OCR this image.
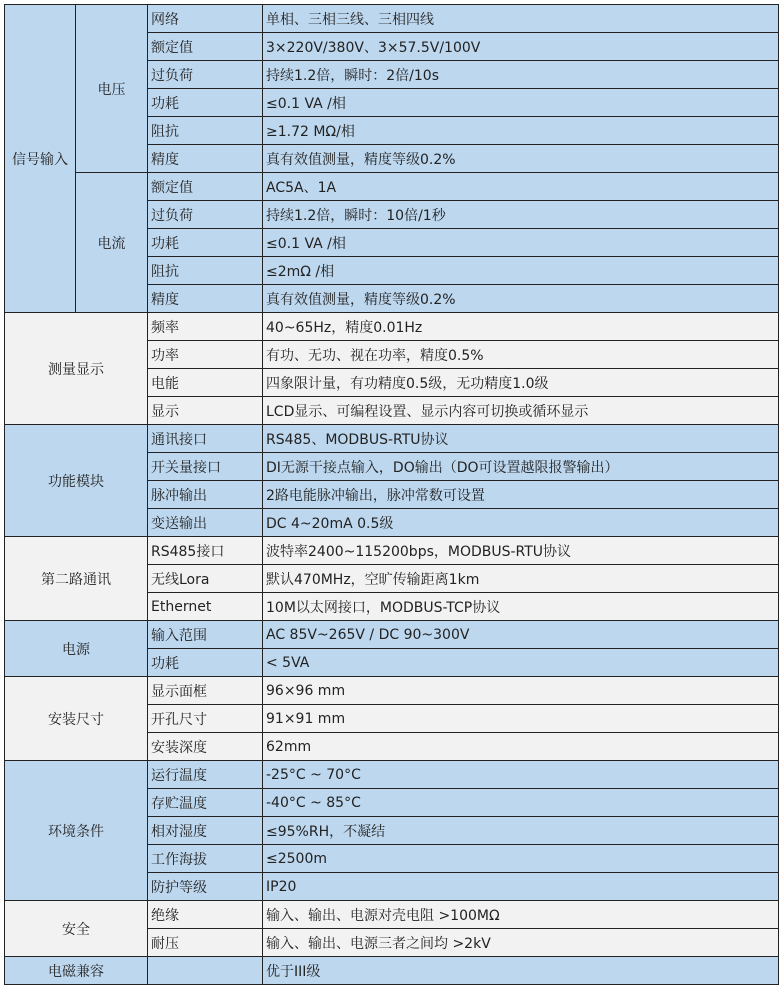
信号输入	电压	网络	单相、三相三线、三相四线
		额定值	3×220V/380V、3×57.5V/100V
		过负荷	持续1.2倍，瞬时：2倍/10s
		功耗	≤0.1 VA /相
		阻抗	≥1.72 MΩ/相
		精度	真有效值测量，精度等级0.2%
	电流	额定值	AC5A、1A
		过负荷	持续1.2倍，瞬时：10倍/1秒
		功耗	≤0.1 VA /相
		阻抗	≤2mΩ /相
		精度	真有效值测量，精度等级0.2%
测量显示		频率	40~65Hz，精度0.01Hz
		功率	有功、无功、视在功率，精度0.5%
		电能	四象限计量，有功精度0.5级，无功精度1.0级
		显示	LCD显示、可编程设置、显示内容可切换或循环显示
功能模块		通讯接口	RS485、MODBUS-RTU协议
		开关量接口	DI无源干接点输入，DO输出（DO可设置越限报警输出）
		脉冲输出	2路电能脉冲输出，脉冲常数可设置
		变送输出	DC 4~20mA 0.5级
第二路通讯		RS485接口	波特率2400~115200bps，MODBUS-RTU协议
		无线Lora	默认470MHz，空旷传输距离1km
		Ethernet	10M以太网接口，MODBUS-TCP协议
电源		输入范围	AC 85V~265V / DC 90~300V
		功耗	< 5VA
安装尺寸		显示面框	96×96 mm
		开孔尺寸	91×91 mm
		安装深度	62mm
环境条件		运行温度	-25°C ~ 70°C
		存贮温度	-40°C ~ 85°C
		相对湿度	≤95%RH，不凝结
		工作海拔	≤2500m
		防护等级	IP20
安全		绝缘	输入、输出、电源对壳电阻 >100MΩ
		耐压	输入、输出、电源三者之间均 >2kV
电磁兼容			优于III级
